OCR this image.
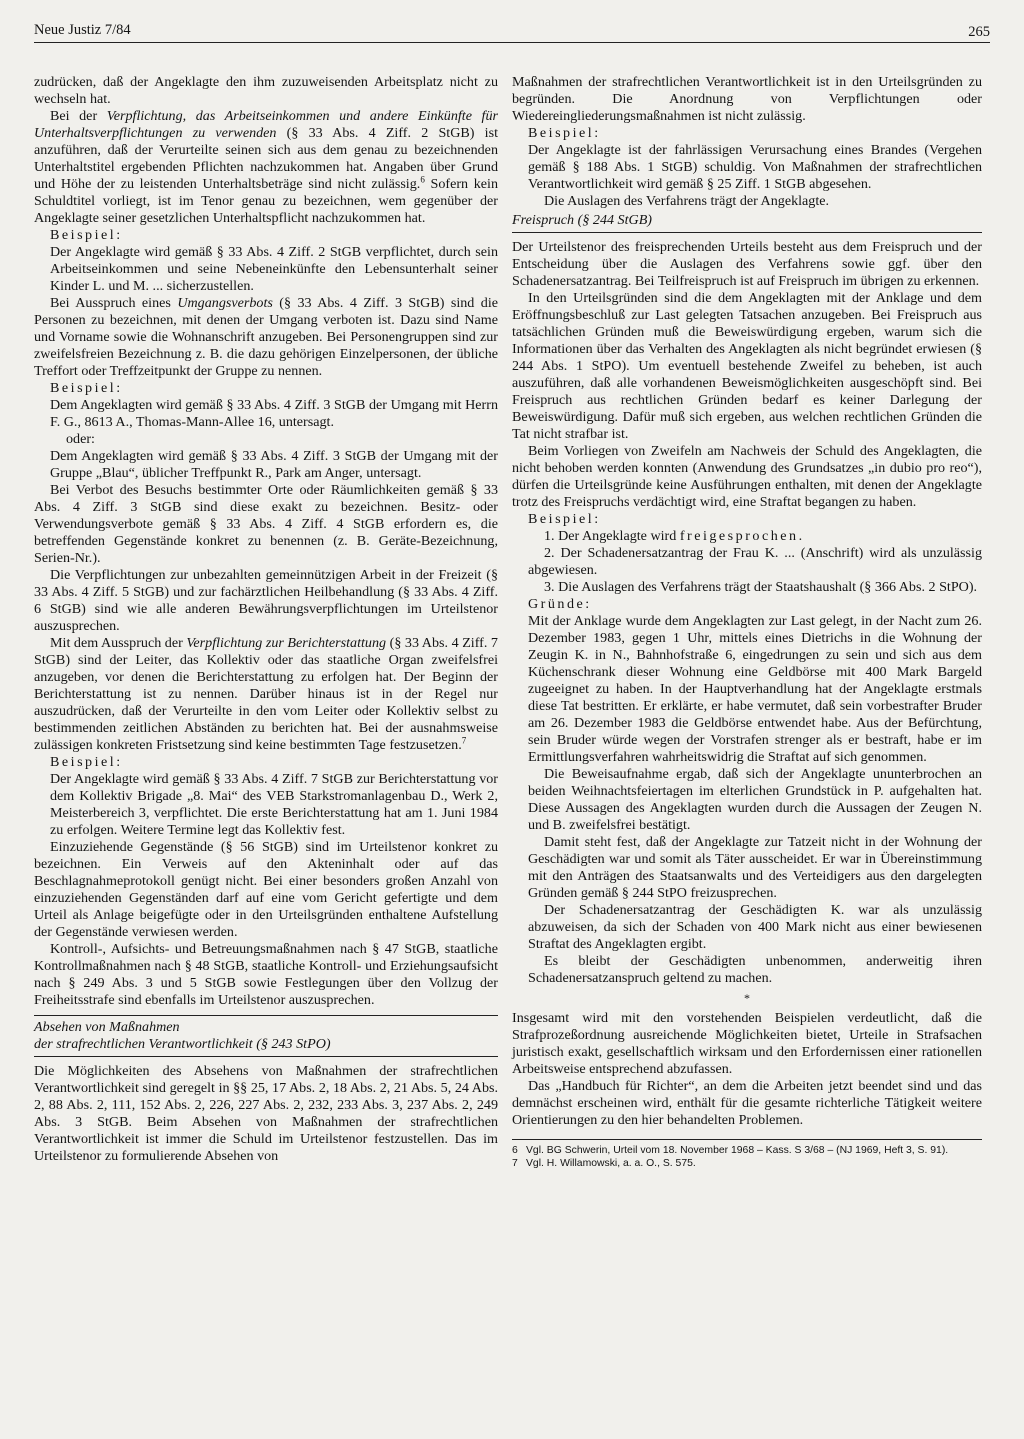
Neue Justiz 7/84	265

zudrücken, daß der Angeklagte den ihm zuzuweisenden Arbeitsplatz nicht zu wechseln hat.

Bei der Verpflichtung, das Arbeitseinkommen und andere Einkünfte für Unterhaltsverpflichtungen zu verwenden (§ 33 Abs. 4 Ziff. 2 StGB) ist anzuführen, daß der Verurteilte seinen sich aus dem genau zu bezeichnenden Unterhaltstitel ergebenden Pflichten nachzukommen hat. Angaben über Grund und Höhe der zu leistenden Unterhaltsbeträge sind nicht zulässig.$^6$ Sofern kein Schuldtitel vorliegt, ist im Tenor genau zu bezeichnen, wem gegenüber der Angeklagte seiner gesetzlichen Unterhaltspflicht nachzukommen hat.

Beispiel:

Der Angeklagte wird gemäß § 33 Abs. 4 Ziff. 2 StGB verpflichtet, durch sein Arbeitseinkommen und seine Nebeneinkünfte den Lebensunterhalt seiner Kinder L. und M. ... sicherzustellen.

Bei Ausspruch eines Umgangsverbots (§ 33 Abs. 4 Ziff. 3 StGB) sind die Personen zu bezeichnen, mit denen der Umgang verboten ist. Dazu sind Name und Vorname sowie die Wohnanschrift anzugeben. Bei Personengruppen sind zur zweifelsfreien Bezeichnung z. B. die dazu gehörigen Einzelpersonen, der übliche Treffort oder Treffzeitpunkt der Gruppe zu nennen.

Beispiel:

Dem Angeklagten wird gemäß § 33 Abs. 4 Ziff. 3 StGB der Umgang mit Herrn F. G., 8613 A., Thomas-Mann-Allee 16, untersagt.

oder:

Dem Angeklagten wird gemäß § 33 Abs. 4 Ziff. 3 StGB der Umgang mit der Gruppe „Blau“, üblicher Treffpunkt R., Park am Anger, untersagt.

Bei Verbot des Besuchs bestimmter Orte oder Räumlichkeiten gemäß § 33 Abs. 4 Ziff. 3 StGB sind diese exakt zu bezeichnen. Besitz- oder Verwendungsverbote gemäß § 33 Abs. 4 Ziff. 4 StGB erfordern es, die betreffenden Gegenstände konkret zu benennen (z. B. Geräte-Bezeichnung, Serien-Nr.).

Die Verpflichtungen zur unbezahlten gemeinnützigen Arbeit in der Freizeit (§ 33 Abs. 4 Ziff. 5 StGB) und zur fachärztlichen Heilbehandlung (§ 33 Abs. 4 Ziff. 6 StGB) sind wie alle anderen Bewährungsverpflichtungen im Urteilstenor auszusprechen.

Mit dem Ausspruch der Verpflichtung zur Berichterstattung (§ 33 Abs. 4 Ziff. 7 StGB) sind der Leiter, das Kollektiv oder das staatliche Organ zweifelsfrei anzugeben, vor denen die Berichterstattung zu erfolgen hat. Der Beginn der Berichterstattung ist zu nennen. Darüber hinaus ist in der Regel nur auszudrücken, daß der Verurteilte in den vom Leiter oder Kollektiv selbst zu bestimmenden zeitlichen Abständen zu berichten hat. Bei der ausnahmsweise zulässigen konkreten Fristsetzung sind keine bestimmten Tage festzusetzen.$^7$

Beispiel:

Der Angeklagte wird gemäß § 33 Abs. 4 Ziff. 7 StGB zur Berichterstattung vor dem Kollektiv Brigade „8. Mai“ des VEB Starkstromanlagenbau D., Werk 2, Meisterbereich 3, verpflichtet. Die erste Berichterstattung hat am 1. Juni 1984 zu erfolgen. Weitere Termine legt das Kollektiv fest.

Einzuziehende Gegenstände (§ 56 StGB) sind im Urteilstenor konkret zu bezeichnen. Ein Verweis auf den Akteninhalt oder auf das Beschlagnahmeprotokoll genügt nicht. Bei einer besonders großen Anzahl von einzuziehenden Gegenständen darf auf eine vom Gericht gefertigte und dem Urteil als Anlage beigefügte oder in den Urteilsgründen enthaltene Aufstellung der Gegenstände verwiesen werden.

Kontroll-, Aufsichts- und Betreuungsmaßnahmen nach § 47 StGB, staatliche Kontrollmaßnahmen nach § 48 StGB, staatliche Kontroll- und Erziehungsaufsicht nach § 249 Abs. 3 und 5 StGB sowie Festlegungen über den Vollzug der Freiheitsstrafe sind ebenfalls im Urteilstenor auszusprechen.

Absehen von Maßnahmen
der strafrechtlichen Verantwortlichkeit (§ 243 StPO)

Die Möglichkeiten des Absehens von Maßnahmen der strafrechtlichen Verantwortlichkeit sind geregelt in §§ 25, 17 Abs. 2, 18 Abs. 2, 21 Abs. 5, 24 Abs. 2, 88 Abs. 2, 111, 152 Abs. 2, 226, 227 Abs. 2, 232, 233 Abs. 3, 237 Abs. 2, 249 Abs. 3 StGB. Beim Absehen von Maßnahmen der strafrechtlichen Verantwortlichkeit ist immer die Schuld im Urteilstenor festzustellen. Das im Urteilstenor zu formulierende Absehen von

Maßnahmen der strafrechtlichen Verantwortlichkeit ist in den Urteilsgründen zu begründen. Die Anordnung von Verpflichtungen oder Wiedereingliederungsmaßnahmen ist nicht zulässig.

Beispiel:

Der Angeklagte ist der fahrlässigen Verursachung eines Brandes (Vergehen gemäß § 188 Abs. 1 StGB) schuldig. Von Maßnahmen der strafrechtlichen Verantwortlichkeit wird gemäß § 25 Ziff. 1 StGB abgesehen.

Die Auslagen des Verfahrens trägt der Angeklagte.

Freispruch (§ 244 StGB)

Der Urteilstenor des freisprechenden Urteils besteht aus dem Freispruch und der Entscheidung über die Auslagen des Verfahrens sowie ggf. über den Schadenersatzantrag. Bei Teilfreispruch ist auf Freispruch im übrigen zu erkennen.

In den Urteilsgründen sind die dem Angeklagten mit der Anklage und dem Eröffnungsbeschluß zur Last gelegten Tatsachen anzugeben. Bei Freispruch aus tatsächlichen Gründen muß die Beweiswürdigung ergeben, warum sich die Informationen über das Verhalten des Angeklagten als nicht begründet erwiesen (§ 244 Abs. 1 StPO). Um eventuell bestehende Zweifel zu beheben, ist auch auszuführen, daß alle vorhandenen Beweismöglichkeiten ausgeschöpft sind. Bei Freispruch aus rechtlichen Gründen bedarf es keiner Darlegung der Beweiswürdigung. Dafür muß sich ergeben, aus welchen rechtlichen Gründen die Tat nicht strafbar ist.

Beim Vorliegen von Zweifeln am Nachweis der Schuld des Angeklagten, die nicht behoben werden konnten (Anwendung des Grundsatzes „in dubio pro reo“), dürfen die Urteilsgründe keine Ausführungen enthalten, mit denen der Angeklagte trotz des Freispruchs verdächtigt wird, eine Straftat begangen zu haben.

Beispiel:

1. Der Angeklagte wird freigesprochen.

2. Der Schadenersatzantrag der Frau K. ... (Anschrift) wird als unzulässig abgewiesen.

3. Die Auslagen des Verfahrens trägt der Staatshaushalt (§ 366 Abs. 2 StPO).

Gründe:

Mit der Anklage wurde dem Angeklagten zur Last gelegt, in der Nacht zum 26. Dezember 1983, gegen 1 Uhr, mittels eines Dietrichs in die Wohnung der Zeugin K. in N., Bahnhofstraße 6, eingedrungen zu sein und sich aus dem Küchenschrank dieser Wohnung eine Geldbörse mit 400 Mark Bargeld zugeeignet zu haben. In der Hauptverhandlung hat der Angeklagte erstmals diese Tat bestritten. Er erklärte, er habe vermutet, daß sein vorbestrafter Bruder am 26. Dezember 1983 die Geldbörse entwendet habe. Aus der Befürchtung, sein Bruder würde wegen der Vorstrafen strenger als er bestraft, habe er im Ermittlungsverfahren wahrheitswidrig die Straftat auf sich genommen.

Die Beweisaufnahme ergab, daß sich der Angeklagte ununterbrochen an beiden Weihnachtsfeiertagen im elterlichen Grundstück in P. aufgehalten hat. Diese Aussagen des Angeklagten wurden durch die Aussagen der Zeugen N. und B. zweifelsfrei bestätigt.

Damit steht fest, daß der Angeklagte zur Tatzeit nicht in der Wohnung der Geschädigten war und somit als Täter ausscheidet. Er war in Übereinstimmung mit den Anträgen des Staatsanwalts und des Verteidigers aus den dargelegten Gründen gemäß § 244 StPO freizusprechen.

Der Schadenersatzantrag der Geschädigten K. war als unzulässig abzuweisen, da sich der Schaden von 400 Mark nicht aus einer bewiesenen Straftat des Angeklagten ergibt.

Es bleibt der Geschädigten unbenommen, anderweitig ihren Schadenersatzanspruch geltend zu machen.

*

Insgesamt wird mit den vorstehenden Beispielen verdeutlicht, daß die Strafprozeßordnung ausreichende Möglichkeiten bietet, Urteile in Strafsachen juristisch exakt, gesellschaftlich wirksam und den Erfordernissen einer rationellen Arbeitsweise entsprechend abzufassen.

Das „Handbuch für Richter“, an dem die Arbeiten jetzt beendet sind und das demnächst erscheinen wird, enthält für die gesamte richterliche Tätigkeit weitere Orientierungen zu den hier behandelten Problemen.

6 Vgl. BG Schwerin, Urteil vom 18. November 1968 – Kass. S 3/68 – (NJ 1969, Heft 3, S. 91).

7 Vgl. H. Willamowski, a. a. O., S. 575.
